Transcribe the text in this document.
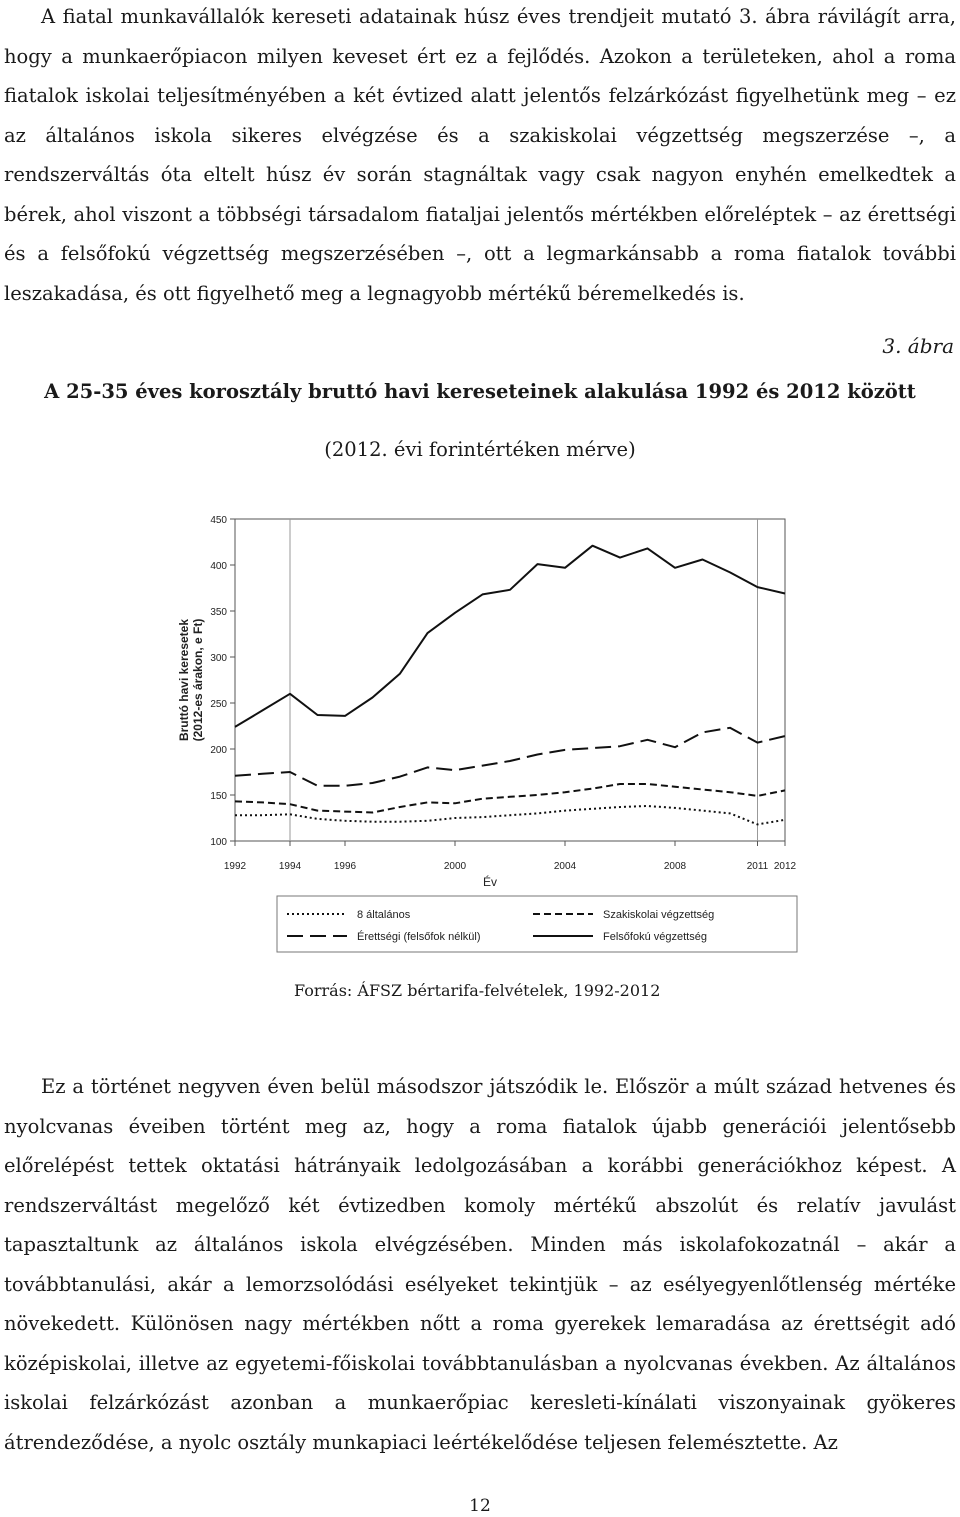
A fiatal munkavállalók kereseti adatainak húsz éves trendjeit mutató 3. ábra rávilágít arra, hogy a munkaerőpiacon milyen keveset ért ez a fejlődés. Azokon a területeken, ahol a roma fiatalok iskolai teljesítményében a két évtized alatt jelentős felzárkózást figyelhetünk meg – ez az általános iskola sikeres elvégzése és a szakiskolai végzettség megszerzése –, a rendszerváltás óta eltelt húsz év során stagnáltak vagy csak nagyon enyhén emelkedtek a bérek, ahol viszont a többségi társadalom fiataljai jelentős mértékben előreléptek – az érettségi és a felsőfokú végzettség megszerzésében –, ott a legmarkánsabb a roma fiatalok további leszakadása, és ott figyelhető meg a legnagyobb mértékű béremelkedés is.

3. ábra

A 25-35 éves korosztály bruttó havi kereseteinek alakulása 1992 és 2012 között

(2012. évi forintértéken mérve)

100
150
200
250
300
350
400
450
1992	1994	1996	2000	2004	2008	2011 2012
Bruttó havi keresetek(2012-es árakon, e Ft)
Év
8 általános	Szakiskolai végzettség
Érettségi (felsőfok nélkül)	Felsőfokú végzettség

Forrás: ÁFSZ bértarifa-felvételek, 1992-2012

Ez a történet negyven éven belül másodszor játszódik le. Először a múlt század hetvenes és nyolcvanas éveiben történt meg az, hogy a roma fiatalok újabb generációi jelentősebb előrelépést tettek oktatási hátrányaik ledolgozásában a korábbi generációkhoz képest. A rendszerváltást megelőző két évtizedben komoly mértékű abszolút és relatív javulást tapasztaltunk az általános iskola elvégzésében. Minden más iskolafokozatnál – akár a továbbtanulási, akár a lemorzsolódási esélyeket tekintjük – az esélyegyenlőtlenség mértéke növekedett. Különösen nagy mértékben nőtt a roma gyerekek lemaradása az érettségit adó középiskolai, illetve az egyetemi-főiskolai továbbtanulásban a nyolcvanas években. Az általános iskolai felzárkózást azonban a munkaerőpiac keresleti-kínálati viszonyainak gyökeres átrendeződése, a nyolc osztály munkapiaci leértékelődése teljesen felemésztette. Az

12
